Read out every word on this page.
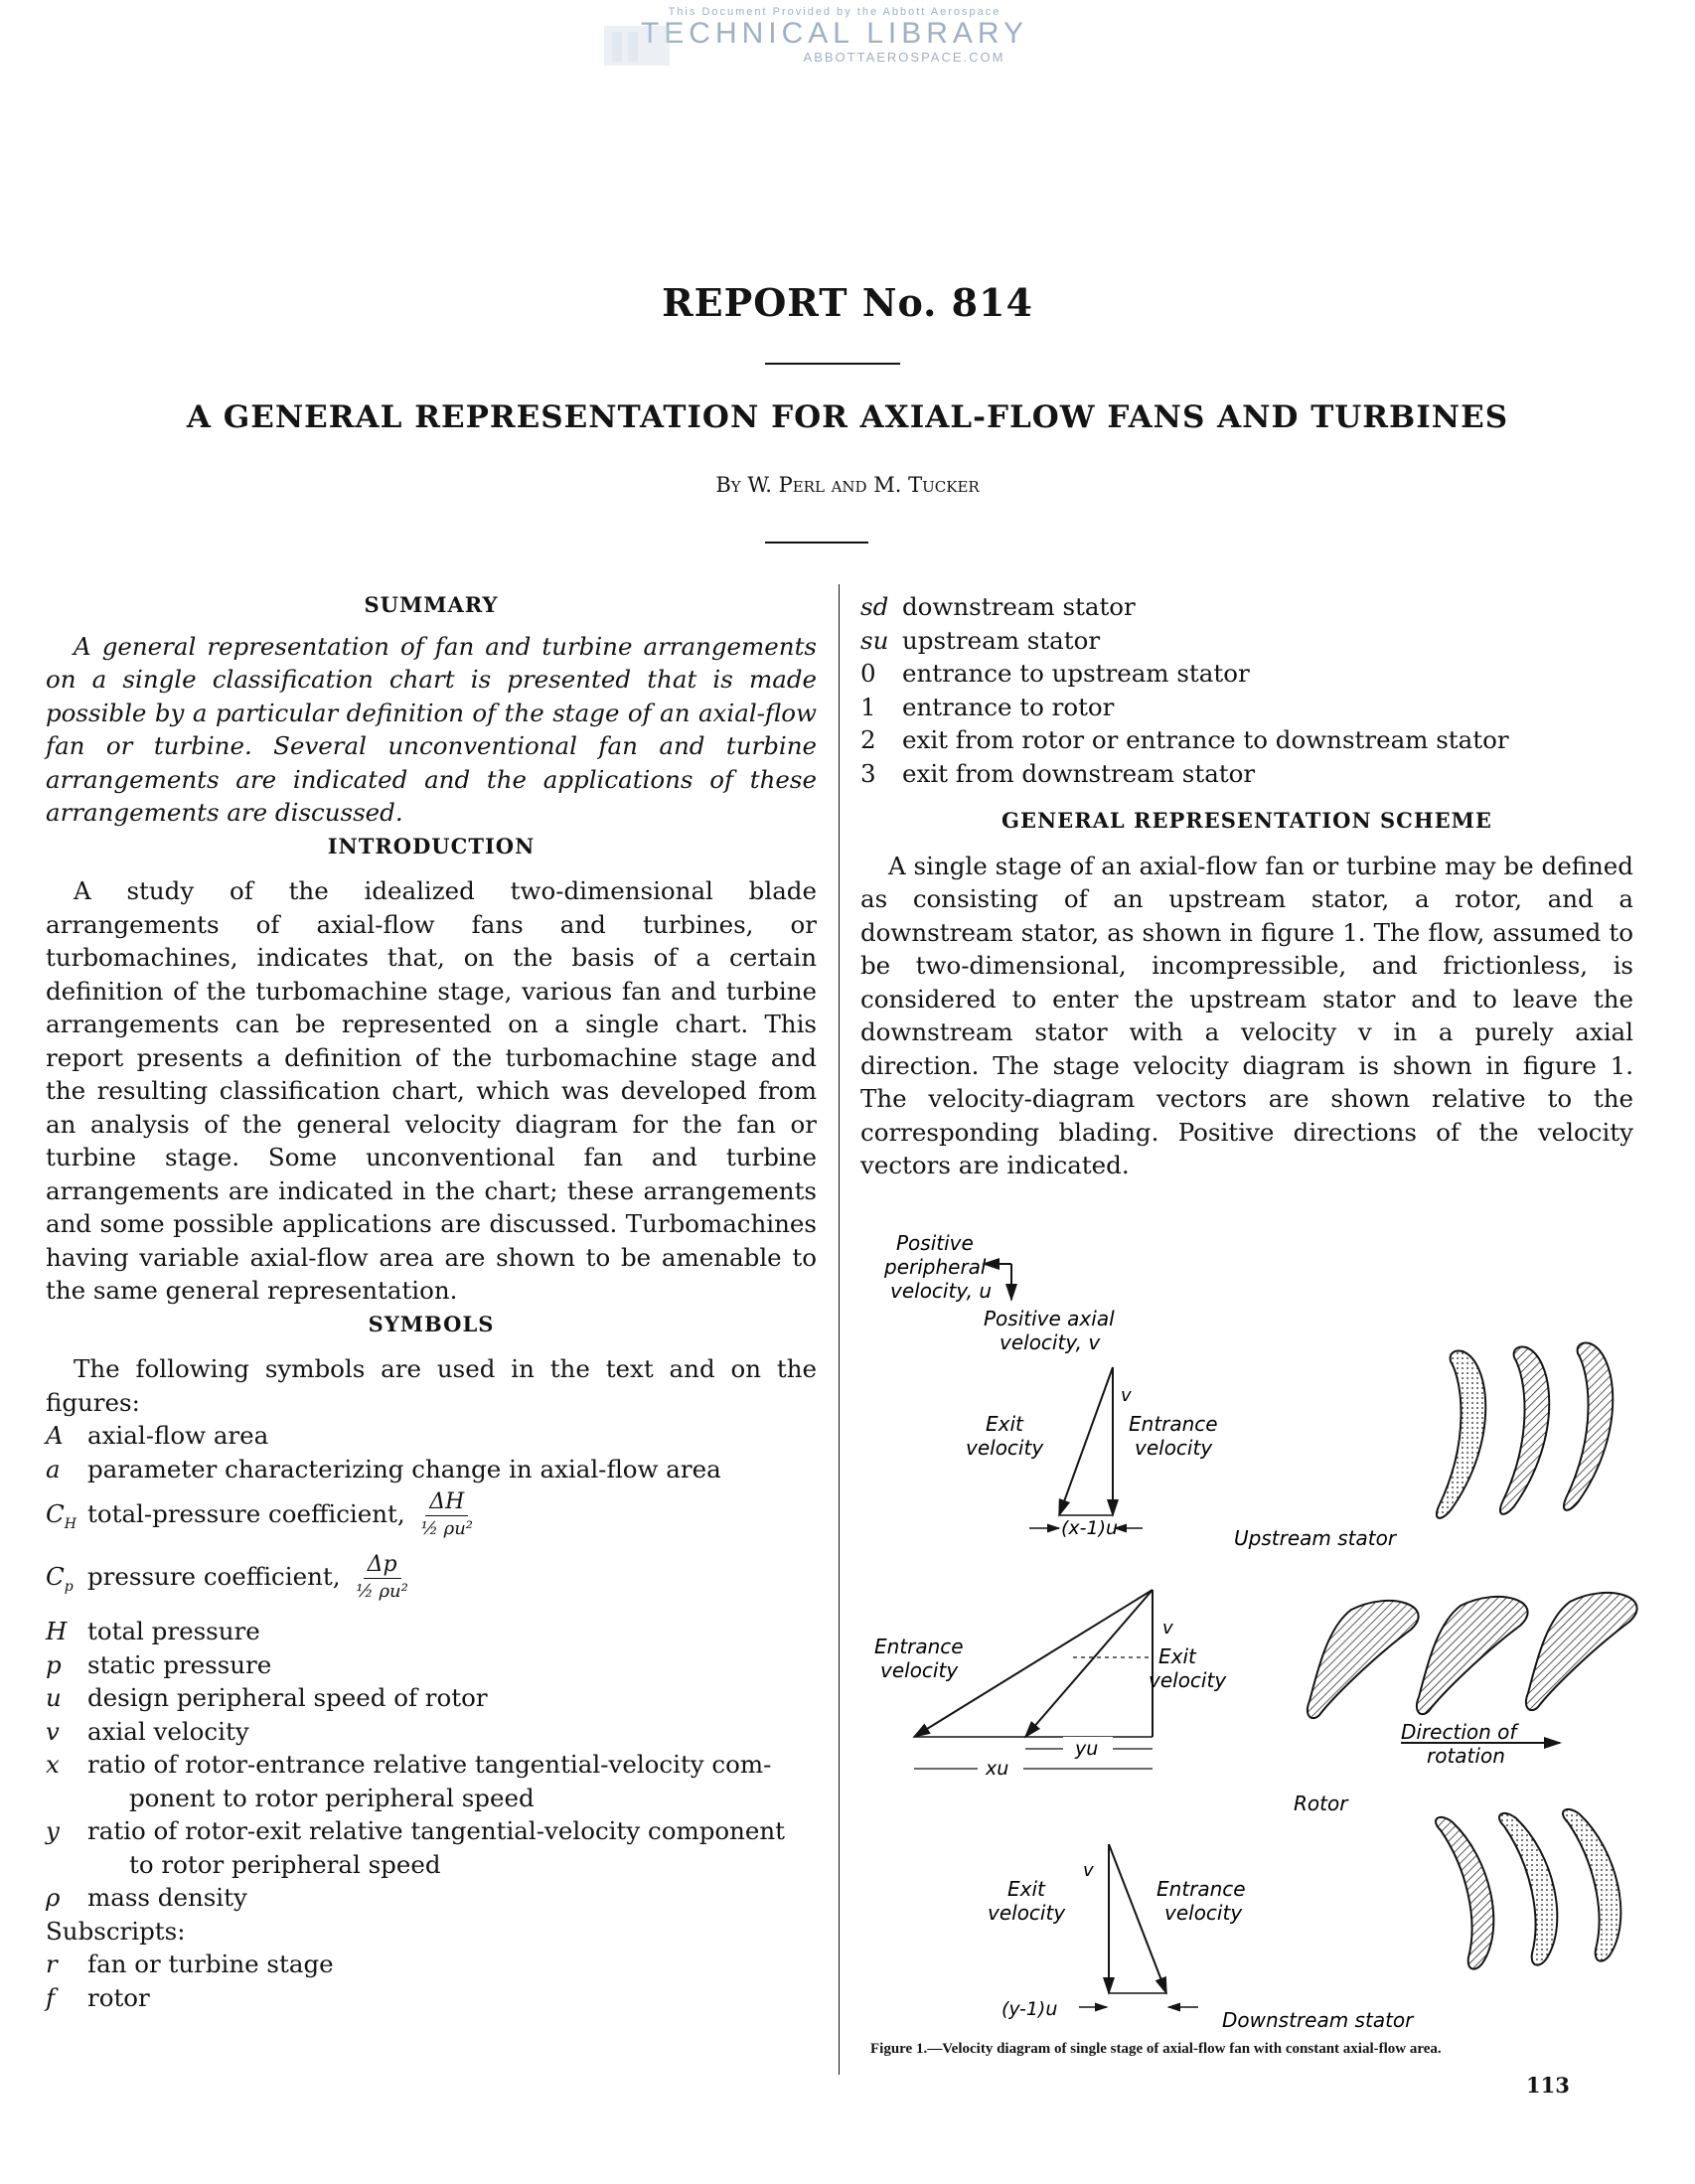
This Document Provided by the Abbott Aerospace
TECHNICAL LIBRARY
ABBOTTAEROSPACE.COM
REPORT No. 814
A GENERAL REPRESENTATION FOR AXIAL-FLOW FANS AND TURBINES
By W. Perl and M. Tucker
SUMMARY

A general representation of fan and turbine arrangements on a single classification chart is presented that is made possible by a particular definition of the stage of an axial-flow fan or turbine. Several unconventional fan and turbine arrangements are indicated and the applications of these arrangements are discussed.

INTRODUCTION

A study of the idealized two-dimensional blade arrangements of axial-flow fans and turbines, or turbomachines, indicates that, on the basis of a certain definition of the turbomachine stage, various fan and turbine arrangements can be represented on a single chart. This report presents a definition of the turbomachine stage and the resulting classification chart, which was developed from an analysis of the general velocity diagram for the fan or turbine stage. Some unconventional fan and turbine arrangements are indicated in the chart; these arrangements and some possible applications are discussed. Turbomachines having variable axial-flow area are shown to be amenable to the same general representation.

SYMBOLS

The following symbols are used in the text and on the figures:

A axial-flow area
a	parameter characterizing change in axial-flow area
$C_H$ total-pressure coefficient, $\frac{\Delta H}{\text{½ ρu²}}$
$C_p$ pressure coefficient, $\frac{\Delta p}{\text{½ ρu²}}$
H total pressure
p	static pressure
u	design peripheral speed of rotor
v	axial velocity
x	ratio of rotor-entrance relative tangential-velocity com-
ponent to rotor peripheral speed
y	ratio of rotor-exit relative tangential-velocity component
to rotor peripheral speed
ρ	mass density
Subscripts:
r	fan or turbine stage
f	rotor
sd downstream stator
su upstream stator
0	entrance to upstream stator
1	entrance to rotor
2	exit from rotor or entrance to downstream stator
3	exit from downstream stator
GENERAL REPRESENTATION SCHEME

A single stage of an axial-flow fan or turbine may be defined as consisting of an upstream stator, a rotor, and a downstream stator, as shown in figure 1. The flow, assumed to be two-dimensional, incompressible, and frictionless, is considered to enter the upstream stator and to leave the downstream stator with a velocity v in a purely axial direction. The stage velocity diagram is shown in figure 1. The velocity-diagram vectors are shown relative to the corresponding blading. Positive directions of the velocity vectors are indicated.

Positive
peripheral
velocity, u
Positive axial
velocity, v
v
Exit
velocity
Entrance
velocity
(x-1)u	Upstream stator
v
Entrance
velocity
Exit
velocity
yu
xu
Direction of
rotation
Rotor
v
Exit
velocity
Entrance
velocity
(y-1)u	Downstream stator
Figure 1.—Velocity diagram of single stage of axial-flow fan with constant axial-flow area.
113
